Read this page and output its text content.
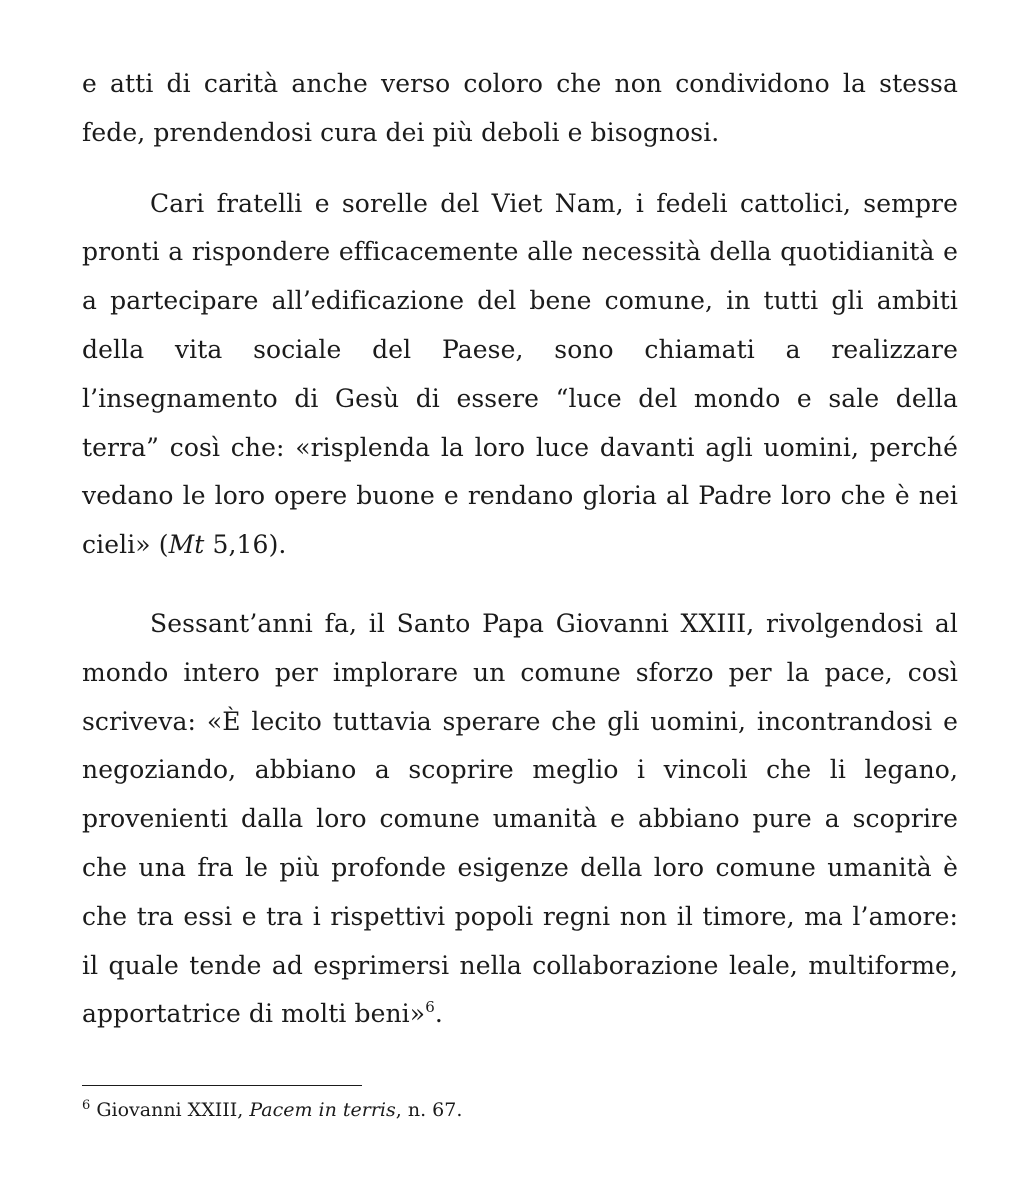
e atti di carità anche verso coloro che non condividono la stessa fede, prendendosi cura dei più deboli e bisognosi.

Cari fratelli e sorelle del Viet Nam, i fedeli cattolici, sempre pronti a rispondere efficacemente alle necessità della quotidianità e a partecipare all’edificazione del bene comune, in tutti gli ambiti della vita sociale del Paese, sono chiamati a realizzare l’insegnamento di Gesù di essere “luce del mondo e sale della terra” così che: «risplenda la loro luce davanti agli uomini, perché vedano le loro opere buone e rendano gloria al Padre loro che è nei cieli» (Mt 5,16).

Sessant’anni fa, il Santo Papa Giovanni XXIII, rivolgendosi al mondo intero per implorare un comune sforzo per la pace, così scriveva: «È lecito tuttavia sperare che gli uomini, incontrandosi e negoziando, abbiano a scoprire meglio i vincoli che li legano, provenienti dalla loro comune umanità e abbiano pure a scoprire che una fra le più profonde esigenze della loro comune umanità è che tra essi e tra i rispettivi popoli regni non il timore, ma l’amore: il quale tende ad esprimersi nella collaborazione leale, multiforme, apportatrice di molti beni»$^6$.

$^6$ Giovanni XXIII, Pacem in terris, n. 67.
